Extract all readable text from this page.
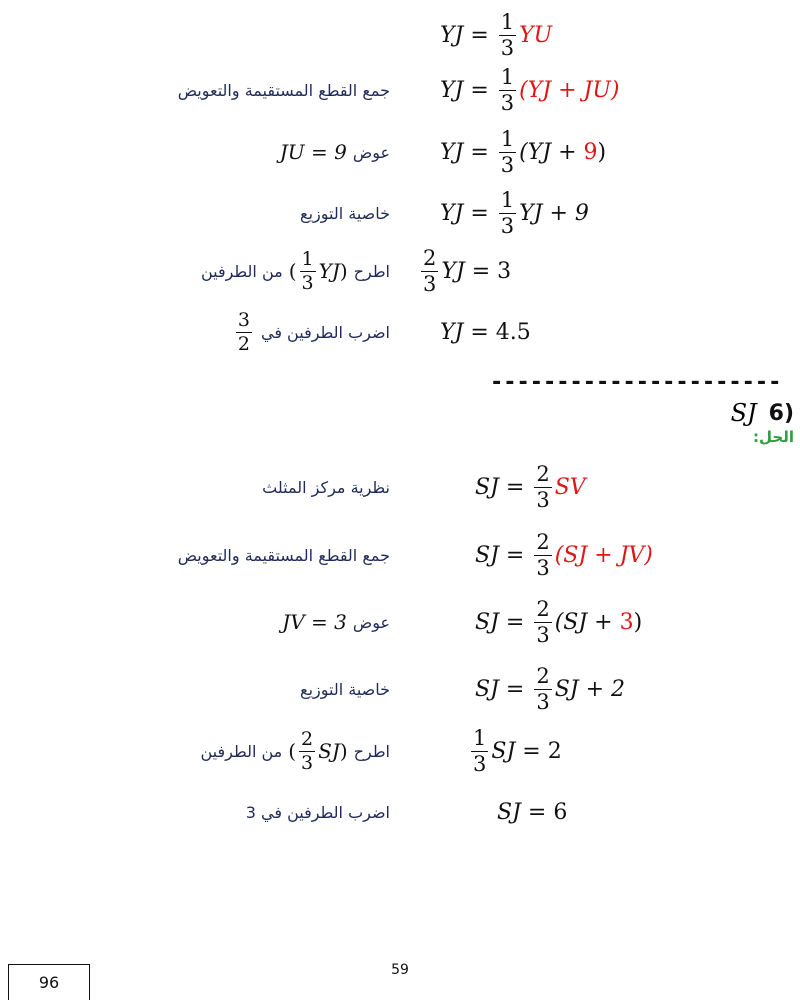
YJ = $\frac{1}{3}$ YU
YJ = $\frac{1}{3} (YJ + JU)$
جمع القطع المستقيمة والتعويض
YJ = $\frac{1}{3} (YJ + 9$ )
عوض
JU = 9
YJ = $\frac{1}{3}$ YJ + 9
خاصية التوزيع
$\frac{2}{3}$ YJ = 3
اطرح
( $\frac{1}{3}$ YJ )
من الطرفين
YJ = 4.5
اضرب الطرفين في
$\frac{3}{2}$
----------------------
(6
SJ
الحل:
SJ = $\frac{2}{3}$ SV
نظرية مركز المثلث
SJ = $\frac{2}{3} (SJ + JV)$
جمع القطع المستقيمة والتعويض
SJ = $\frac{2}{3} (SJ + 3$ )
عوض
JV = 3
SJ = $\frac{2}{3}$ SJ + 2
خاصية التوزيع
$\frac{1}{3}$ SJ = 2
اطرح
( $\frac{2}{3}$ SJ )
من الطرفين
SJ = 6
اضرب الطرفين في 3
59
96
